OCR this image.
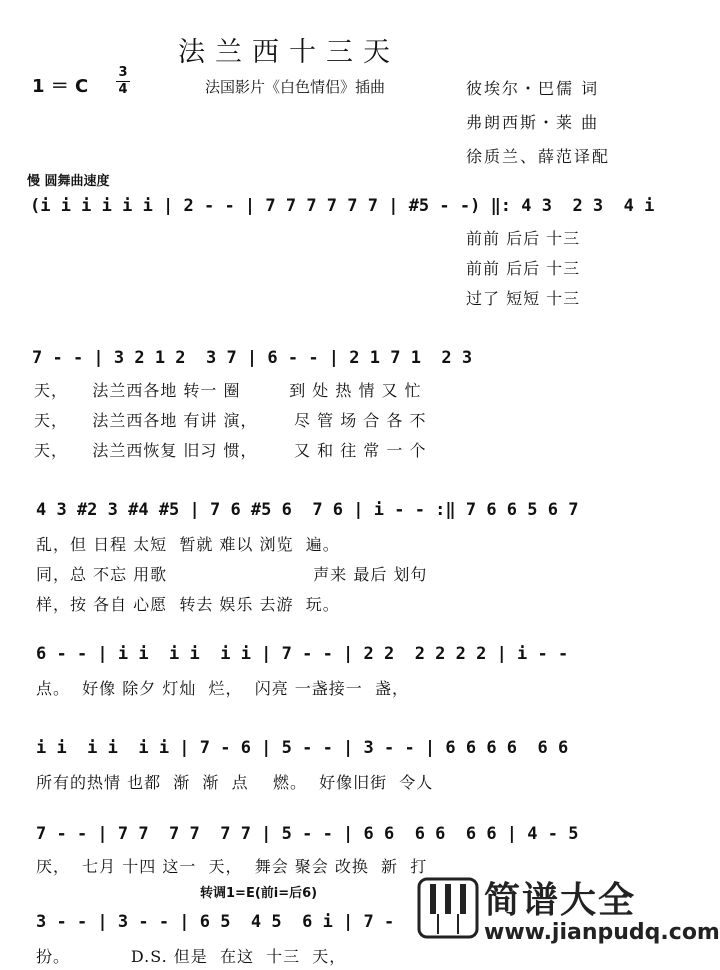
法兰西十三天
1 ＝ C
3
4	法国影片《白色情侣》插曲	彼埃尔・巴儒 词
弗朗西斯・莱 曲
徐质兰、薛范译配
慢 圆舞曲速度
(i i i i i i | 2 - - | 7 7 7 7 7 7 | #5 - -) ‖: 4 3  2 3  4 i
前前 后后 十三
前前 后后 十三
过了 短短 十三
7 - - | 3 2 1 2  3 7 | 6 - - | 2 1 7 1  2 3
天，    法兰西各地 转一 圈        到 处 热 情 又 忙
天，    法兰西各地 有讲 演，      尽 管 场 合 各 不
天，    法兰西恢复 旧习 惯，      又 和 往 常 一 个
4 3 #2 3 #4 #5 | 7 6 #5 6  7 6 | i - - :‖ 7 6 6 5 6 7
乱，但 日程 太短  暂就 难以 浏览  遍。
同，总 不忘 用歌                        声来 最后 划句
样，按 各自 心愿  转去 娱乐 去游  玩。
6 - - | i i  i i  i i | 7 - - | 2 2  2 2 2 2 | i - -
点。  好像 除夕 灯灿  烂，  闪亮 一盏接一  盏，
i i  i i  i i | 7 - 6 | 5 - - | 3 - - | 6 6 6 6  6 6
所有的热情 也都  渐  渐  点    燃。  好像旧街  令人
7 - - | 7 7  7 7  7 7 | 5 - - | 6 6  6 6  6 6 | 4 - 5
厌，  七月 十四 这一  天，  舞会 聚会 改换  新  打
转调1=E(前i=后6)
3 - - | 3 - - | 6 5  4 5  6 i | 7 -
扮。          D.S. 但是  在这  十三  天，

简谱大全

www.jianpudq.com
